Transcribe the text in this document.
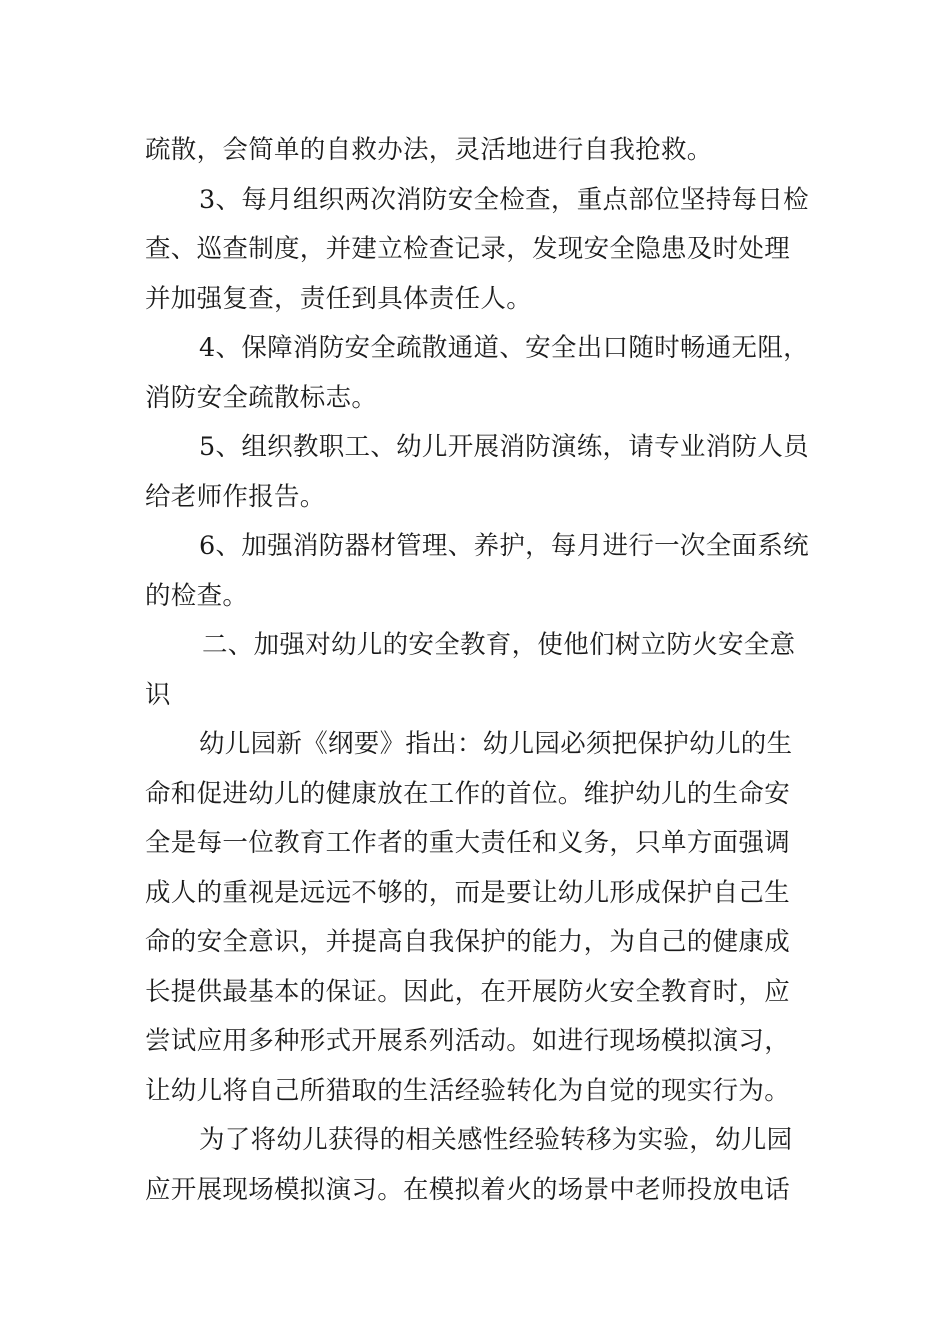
疏散，会简单的自救办法，灵活地进行自我抢救。
3、每月组织两次消防安全检查，重点部位坚持每日检
查、巡查制度，并建立检查记录，发现安全隐患及时处理
并加强复查，责任到具体责任人。
4、保障消防安全疏散通道、安全出口随时畅通无阻，
消防安全疏散标志。
5、组织教职工、幼儿开展消防演练，请专业消防人员
给老师作报告。
6、加强消防器材管理、养护，每月进行一次全面系统
的检查。
二、加强对幼儿的安全教育，使他们树立防火安全意
识
幼儿园新《纲要》指出：幼儿园必须把保护幼儿的生
命和促进幼儿的健康放在工作的首位。维护幼儿的生命安
全是每一位教育工作者的重大责任和义务，只单方面强调
成人的重视是远远不够的，而是要让幼儿形成保护自己生
命的安全意识，并提高自我保护的能力，为自己的健康成
长提供最基本的保证。因此，在开展防火安全教育时，应
尝试应用多种形式开展系列活动。如进行现场模拟演习，
让幼儿将自己所猎取的生活经验转化为自觉的现实行为。
为了将幼儿获得的相关感性经验转移为实验，幼儿园
应开展现场模拟演习。在模拟着火的场景中老师投放电话
